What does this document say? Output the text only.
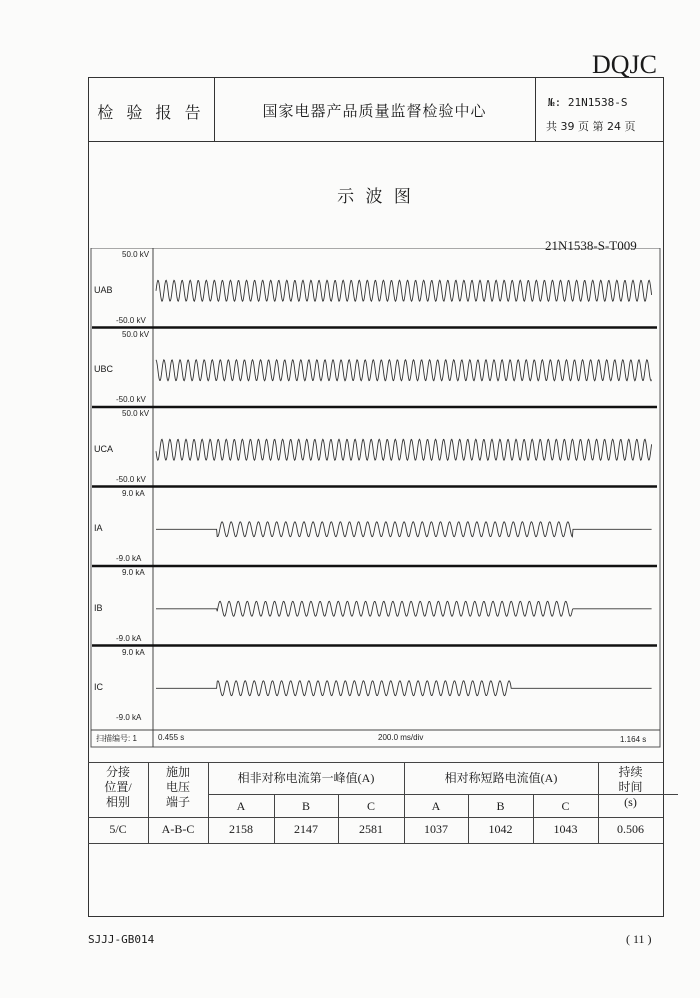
DQJC
检 验 报 告	国家电器产品质量监督检验中心	№: 21N1538-S
共 39 页 第 24 页
示 波 图
21N1538-S-T009
50.0 kV
-50.0 kV
UAB
50.0 kV
-50.0 kV
UBC
50.0 kV
-50.0 kV
UCA
9.0 kA
-9.0 kA
IA
9.0 kA
-9.0 kA
IB
9.0 kA
-9.0 kA
IC
扫描编号: 1	0.455 s	200.0 ms/div	1.164 s
分接
位置/
相别
施加
电压
端子
相非对称电流第一峰值(A)	相对称短路电流值(A)	持续
时间
(s)
A	B	C	A	B	C
5/C	A-B-C	2158	2147	2581	1037	1042	1043	0.506
SJJJ-GB014	( 11 )
